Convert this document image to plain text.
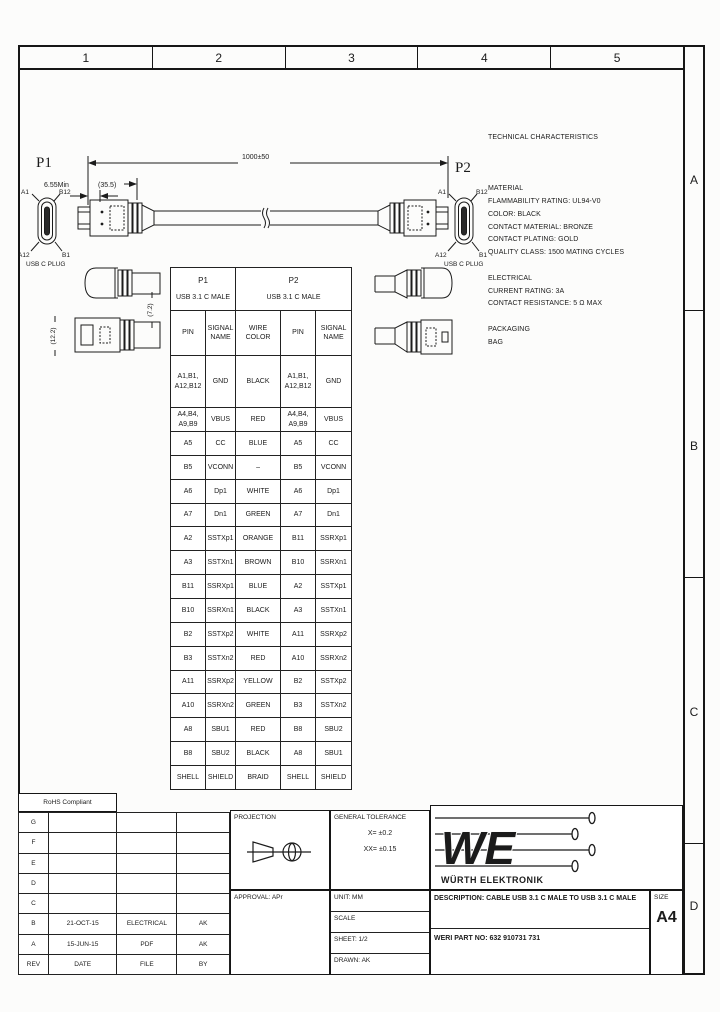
1	2	3	4	5
A
B
C
D
P1	P2
1000±50
6.55Min	(35.5)
A1	B12
A12	B1
USB C PLUG
A1	B12
A12	B1
USB C PLUG
(12.2)
(7.2)
TECHNICAL CHARACTERISTICS
MATERIAL
FLAMMABILITY RATING: UL94-V0
COLOR: BLACK
CONTACT MATERIAL: BRONZE
CONTACT PLATING: GOLD
QUALITY CLASS: 1500 MATING CYCLES
ELECTRICAL
CURRENT RATING: 3A
CONTACT RESISTANCE: 5 Ω MAX
PACKAGING
BAG
P1
USB 3.1 C MALE		P2
USB 3.1 C MALE		
PIN	SIGNAL NAME	WIRE COLOR	PIN	SIGNAL NAME
A1,B1, A12,B12	GND	BLACK	A1,B1, A12,B12	GND
A4,B4, A9,B9	VBUS	RED	A4,B4, A9,B9	VBUS
A5	CC	BLUE	A5	CC
B5	VCONN	–	B5	VCONN
A6	Dp1	WHITE	A6	Dp1
A7	Dn1	GREEN	A7	Dn1
A2	SSTXp1	ORANGE	B11	SSRXp1
A3	SSTXn1	BROWN	B10	SSRXn1
B11	SSRXp1	BLUE	A2	SSTXp1
B10	SSRXn1	BLACK	A3	SSTXn1
B2	SSTXp2	WHITE	A11	SSRXp2
B3	SSTXn2	RED	A10	SSRXn2
A11	SSRXp2	YELLOW	B2	SSTXp2
A10	SSRXn2	GREEN	B3	SSTXn2
A8	SBU1	RED	B8	SBU2
B8	SBU2	BLACK	A8	SBU1
SHELL	SHIELD	BRAID	SHELL	SHIELD
RoHS Compliant
G			
F			
E			
D			
C			
B	21-OCT-15	ELECTRICAL	AK
A	15-JUN-15	PDF	AK
REV	DATE	FILE	BY
PROJECTION	GENERAL TOLERANCE
X= ±0.2
XX= ±0.15
APPROVAL: APr	UNIT: MM
SCALE
SHEET: 1/2
DRAWN: AK
WE
WÜRTH ELEKTRONIK
DESCRIPTION: CABLE USB 3.1 C MALE TO USB 3.1 C MALE
WERI PART NO: 632 910731 731
SIZE
A4
